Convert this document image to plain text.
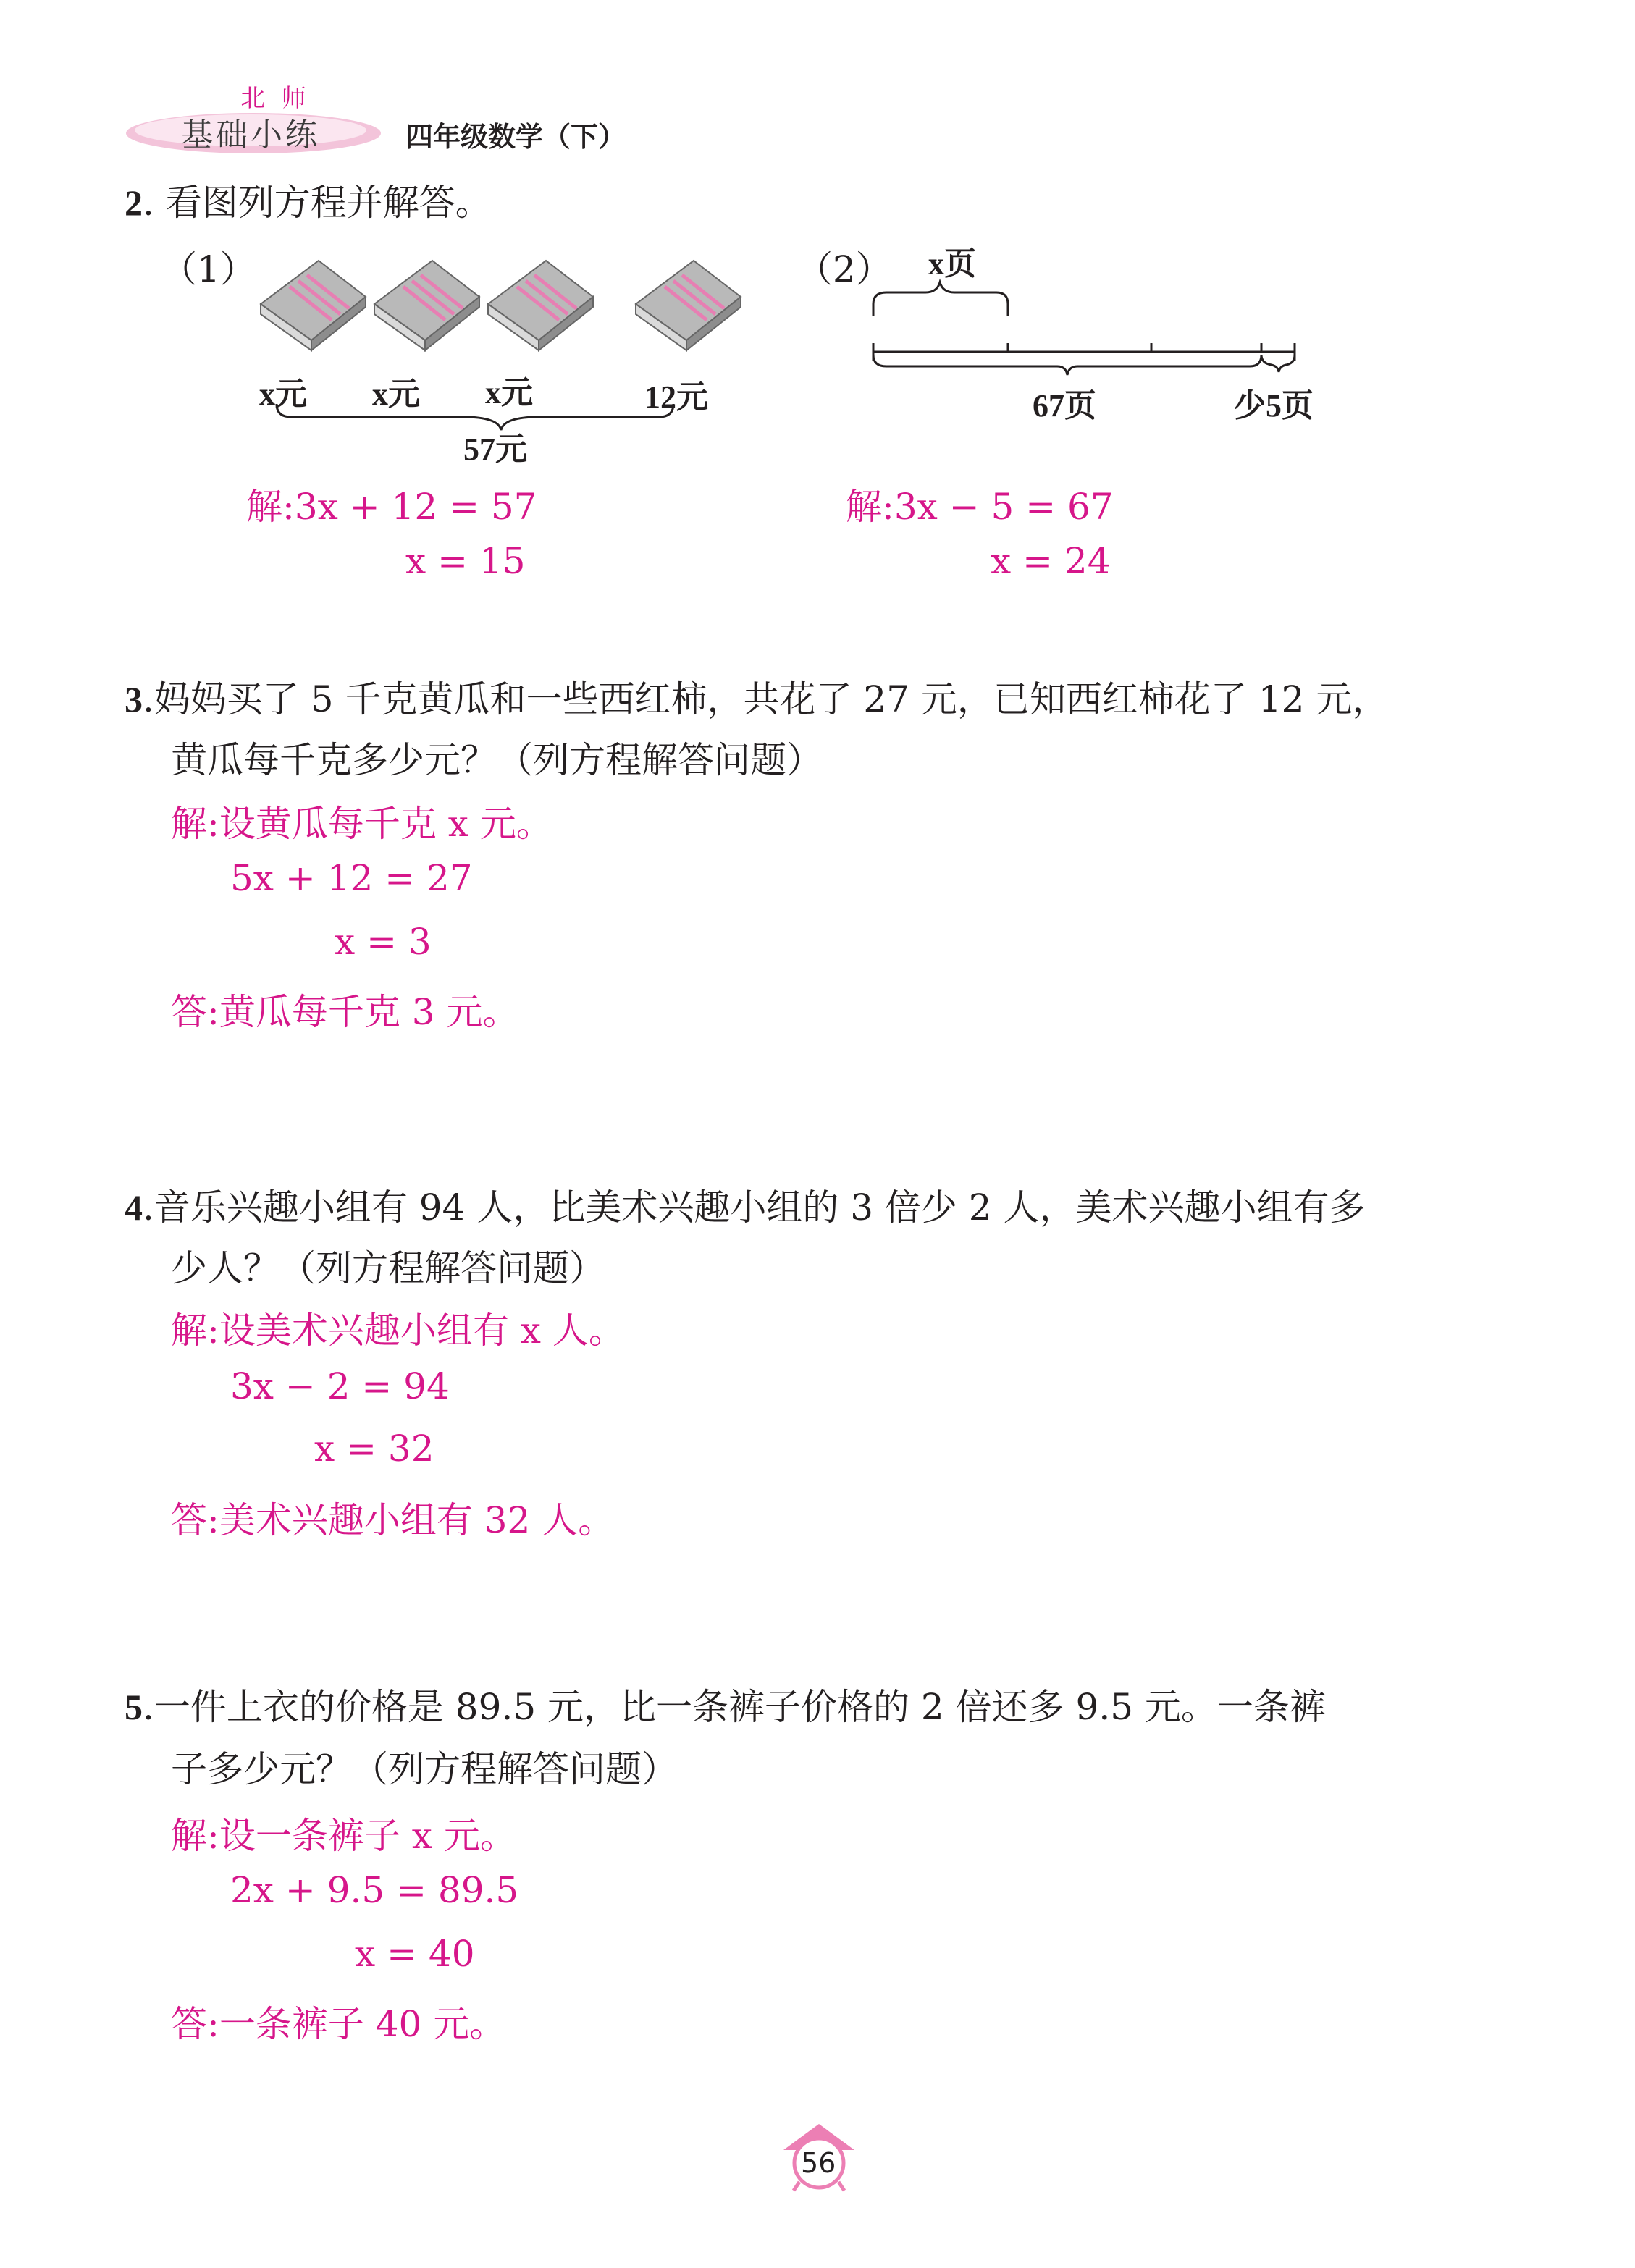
北 师
基础小练	四年级数学（下）
2. 看图列方程并解答。
（1）
x元 x元 x元	12元
57元
解:3x + 12 = 57
x = 15
（2） x页
67页	少5页
解:3x − 5 = 67
x = 24
3.妈妈买了 5 千克黄瓜和一些西红柿，共花了 27 元，已知西红柿花了 12 元，
黄瓜每千克多少元？（列方程解答问题）
解:设黄瓜每千克 x 元。
5x + 12 = 27
x = 3
答:黄瓜每千克 3 元。
4.音乐兴趣小组有 94 人，比美术兴趣小组的 3 倍少 2 人，美术兴趣小组有多
少人？（列方程解答问题）
解:设美术兴趣小组有 x 人。
3x − 2 = 94
x = 32
答:美术兴趣小组有 32 人。
5.一件上衣的价格是 89.5 元，比一条裤子价格的 2 倍还多 9.5 元。一条裤
子多少元？（列方程解答问题）
解:设一条裤子 x 元。
2x + 9.5 = 89.5
x = 40
答:一条裤子 40 元。
56
